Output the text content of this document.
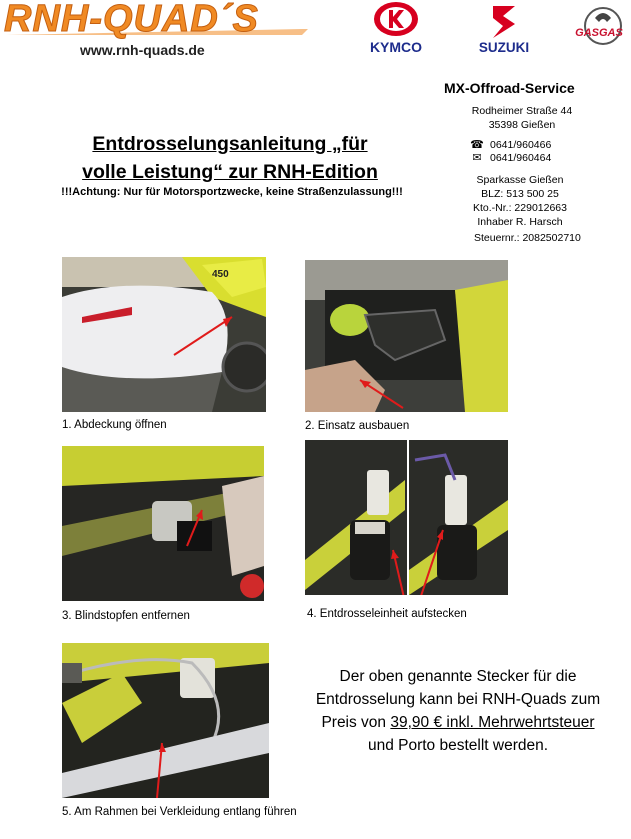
RNH-QUAD´S
www.rnh-quads.de	KYMCO	SUZUKI
GASGAS
MX-Offroad-Service
Rodheimer Straße 44
35398 Gießen
☎ 0641/960466
✉ 0641/960464
Sparkasse Gießen
BLZ: 513 500 25
Kto.-Nr.: 229012663
Inhaber R. Harsch
Steuernr.: 2082502710
Entdrosselungsanleitung „für
volle Leistung“ zur RNH-Edition
!!!Achtung: Nur für Motorsportzwecke, keine Straßenzulassung!!!
450
1. Abdeckung öffnen	2. Einsatz ausbauen
3. Blindstopfen entfernen	4. Entdrosseleinheit aufstecken
5. Am Rahmen bei Verkleidung entlang führen
Der oben genannte Stecker für die
Entdrosselung kann bei RNH-Quads zum
Preis von 39,90 € inkl. Mehrwehrtsteuer
und Porto bestellt werden.
